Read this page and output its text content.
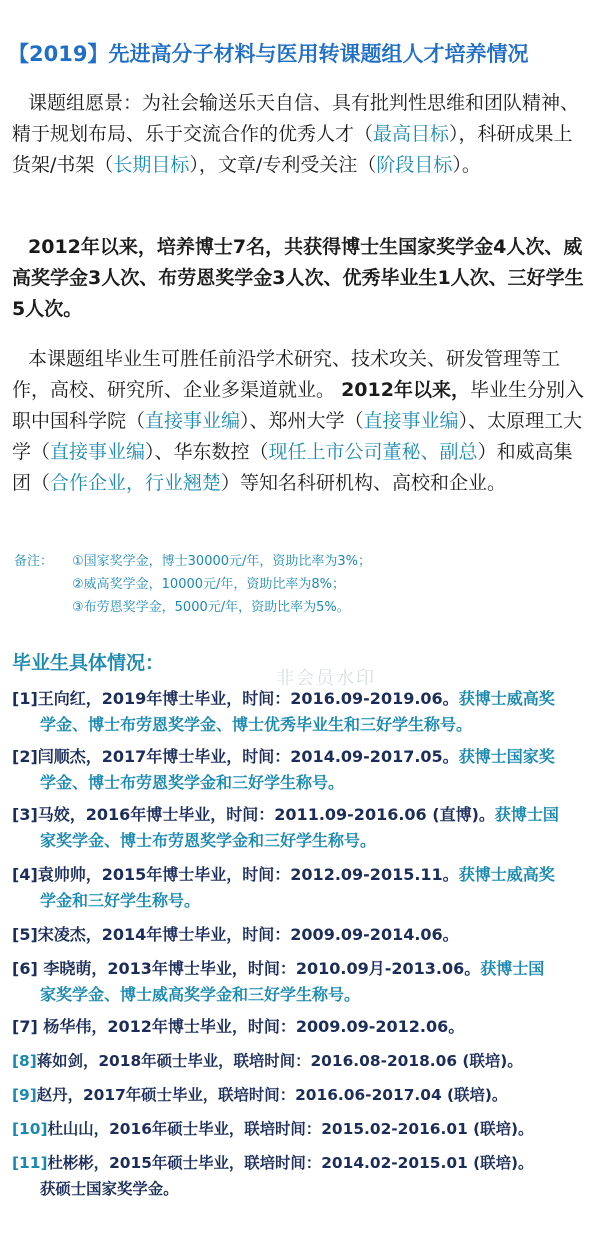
【2019】先进高分子材料与医用转课题组人才培养情况
课题组愿景：为社会输送乐天自信、具有批判性思维和团队精神、精于规划布局、乐于交流合作的优秀人才（最高目标），科研成果上货架/书架（长期目标），文章/专利受关注（阶段目标）。
2012年以来，培养博士7名，共获得博士生国家奖学金4人次、威高奖学金3人次、布劳恩奖学金3人次、优秀毕业生1人次、三好学生5人次。
本课题组毕业生可胜任前沿学术研究、技术攻关、研发管理等工作，高校、研究所、企业多渠道就业。 2012年以来，毕业生分别入职中国科学院（直接事业编）、郑州大学（直接事业编）、太原理工大学（直接事业编）、华东数控（现任上市公司董秘、副总）和威高集团（合作企业，行业翘楚）等知名科研机构、高校和企业。
备注：	①国家奖学金，博士30000元/年，资助比率为3%；
②威高奖学金，10000元/年，资助比率为8%；
③布劳恩奖学金，5000元/年，资助比率为5%。
毕业生具体情况：
非会员水印
[1]王向红，2019年博士毕业，时间：2016.09-2019.06。获博士威高奖
学金、博士布劳恩奖学金、博士优秀毕业生和三好学生称号。
[2]闫顺杰，2017年博士毕业，时间：2014.09-2017.05。获博士国家奖
学金、博士布劳恩奖学金和三好学生称号。
[3]马姣，2016年博士毕业，时间：2011.09-2016.06 (直博)。获博士国
家奖学金、博士布劳恩奖学金和三好学生称号。
[4]袁帅帅，2015年博士毕业，时间：2012.09-2015.11。获博士威高奖
学金和三好学生称号。
[5]宋凌杰，2014年博士毕业，时间：2009.09-2014.06。
[6] 李晓萌，2013年博士毕业，时间：2010.09月-2013.06。获博士国
家奖学金、博士威高奖学金和三好学生称号。
[7] 杨华伟，2012年博士毕业，时间：2009.09-2012.06。
[8]蒋如剑，2018年硕士毕业，联培时间：2016.08-2018.06 (联培)。
[9]赵丹，2017年硕士毕业，联培时间：2016.06-2017.04 (联培)。
[10]杜山山，2016年硕士毕业，联培时间：2015.02-2016.01 (联培)。
[11]杜彬彬，2015年硕士毕业，联培时间：2014.02-2015.01 (联培)。
获硕士国家奖学金。
